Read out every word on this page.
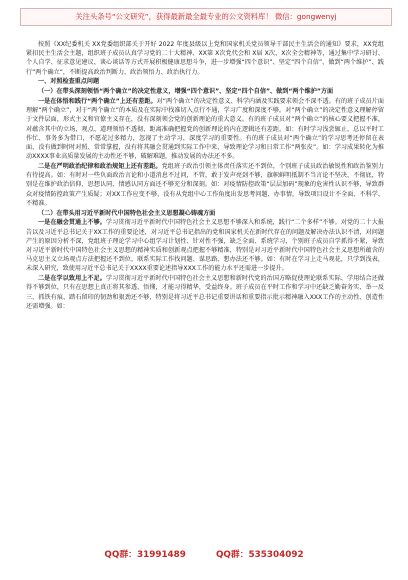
关注头条号“公文研究”，获得最新最全最专业的公文资料库！ 微信：gongwenyj

按照《XX纪委机关 XX党委组织部关于开好 2022 年度县级以上党和国家机关党员领导干部民主生活会的通知》要求，XX党组紧扣民主生活会主题，组织班子成员认真学习党的二十大精神、XX第 X次党代会和 X届 X次、X次全会精神等，通过集中学习研讨、个人自学、征求意见建议、谈心谈话等方式开展积极健康思想斗争，进一步增强“四个意识”、坚定“四个自信”、做到“两个维护”、践行“两个确立”，不断提高政治判断力、政治领悟力、政治执行力。

一、对照检查重点问题

（一）在带头深刻领悟“两个确立”的决定性意义，增强“四个意识”、坚定“四个自信”、做到“两个维护”方面

一是在体悟和践行“两个确立”上还有差距。对“两个确立”的决定性意义、科学内涵及实践要求领会不深不透。有的班子成员片面理解“两个确立”，对于“两个确立”的本质及在实际中找准切入点行不通，学习广度和深度不够。对“两个确立”的决定性意义理解停留于文件层面，形式主义和官僚主义存在，没有深刻领会党的创新理论的重大意义。有的班子成员对“两个确立”的核心要义把握不准，对蕴含其中的立场、观点、道理领悟不透彻，距离准确把握党的创新理论的内在逻辑还有差距。如：有时学习浅尝辄止，总以平时工作忙、事务多为借口，不愿花过多精力，忽视了主动学习，深度学习的重要性。有的班子成员对“两个确立”的学习思考还停留在表面，没有做到时时对照、常常掌握，没有将其融会贯通到实际工作中来，导致理论学习和日常工作“两张皮”。如：学习成果转化为推动XXXX事业高质量发展的主动性还不够，破解难题，推动发展的办法还不多。

二是在严明政治纪律和政治规矩上还有差距。党组班子政治引领主体责任落实还不到位，个别班子成员政治敏锐性和政治鉴别力有待提高。如：有时对一些负面政治言论和小道消息不过问，不管，敢于发声亮剑不够，旗帜鲜明抵制不当言论不坚决、不彻底，特别是在维护政治信仰、思想认同、情感认同方面还不够充分和深刻。如：对疫情防控政策“层层加码”现象的危害性认识不够，导致群众对疫情防控政策产生质疑；对XX工作应变不够，没有从党组中心工作角度出发思考问题、办事情，导致项目设计不全面、不科学、不精准。

（二）在带头用习近平新时代中国特色社会主义思想凝心铸魂方面

一是在融会贯通上不够。学习贯彻习近平新时代中国特色社会主义思想不够深入和系统，践行“二个多样”不够。对党的二十大报告以及习近平总书记关于XX工作的重要论述，对习近平总书记指出的党和国家机关在新时代存在的问题及解决办法认识不清，对问题产生的原因分析不深，党组班子理论学习中心组学习计划性、针对性不强，缺乏全面、系统学习，个别班子成员自学抓得不紧，导致对习近平新时代中国特色社会主义思想的精神实质和创新观点把握不够精准，特别是对习近平新时代中国特色社会主义思想所蕴含的马克思主义立场观点方法把握还不到位，联系实际工作找问题、谋思路、想办法还不够。如：有时在学习上走马观花，只学到浅表，未深入研究，致使用习近平总书记关于XXXX重要论述指导XXX工作的能力水平还需进一步提升。

二是在学以致用上不足。学习贯彻习近平新时代中国特色社会主义思想和新时代党的治国方略促使理论联系实际、学用结合还做得不够到位，只有在思想上真正将其参透、悟懂，才能习得精华，受益终身。班子成员在平时工作和学习中还缺乏勤奋务实、举一反三，抓铁有痕、踏石留印的韧劲和狠劲还不够，特别是将习近平总书记重要讲话和重要指示批示精神融入XXX工作的主动性、创造性还需增强。如：

QQ群：31991489	QQ群：535304092
